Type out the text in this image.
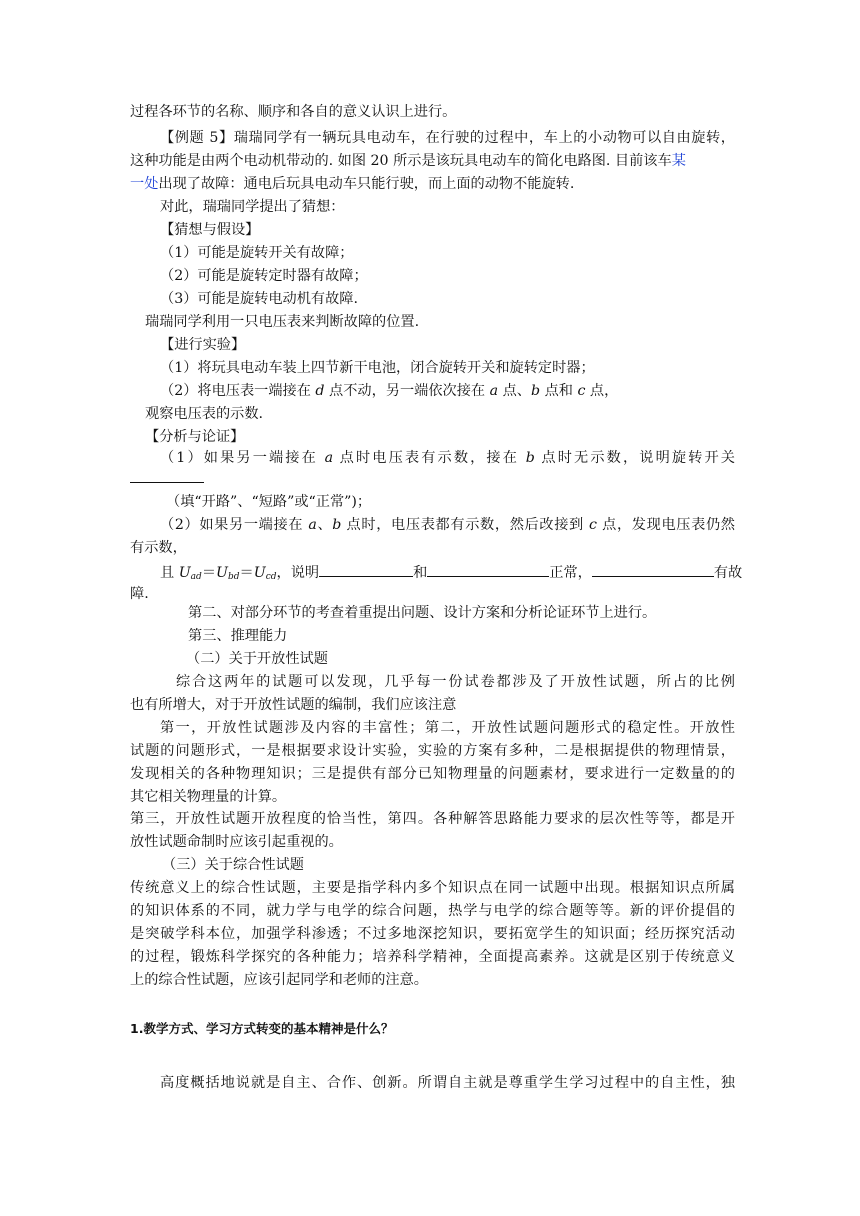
过程各环节的名称、顺序和各自的意义认识上进行。
【例题 5】瑞瑞同学有一辆玩具电动车，在行驶的过程中，车上的小动物可以自由旋转，
这种功能是由两个电动机带动的. 如图 20 所示是该玩具电动车的简化电路图. 目前该车某
一处出现了故障：通电后玩具电动车只能行驶，而上面的动物不能旋转.
对此，瑞瑞同学提出了猜想：
【猜想与假设】
（1）可能是旋转开关有故障；
（2）可能是旋转定时器有故障；
（3）可能是旋转电动机有故障.
瑞瑞同学利用一只电压表来判断故障的位置.
【进行实验】
（1）将玩具电动车装上四节新干电池，闭合旋转开关和旋转定时器；
（2）将电压表一端接在 d 点不动，另一端依次接在 a 点、b 点和 c 点，
观察电压表的示数.
【分析与论证】
（1）如果另一端接在 a 点时电压表有示数，接在 b 点时无示数，说明旋转开关
（填“开路”、“短路”或“正常”)；
（2）如果另一端接在 a、b 点时，电压表都有示数，然后改接到 c 点，发现电压表仍然
有示数，
且 $U_{ad}=U_{bd}=U_{cd}$，说明	和	正常，	有故
障.
第二、对部分环节的考查着重提出问题、设计方案和分析论证环节上进行。
第三、推理能力
（二）关于开放性试题
综合这两年的试题可以发现，几乎每一份试卷都涉及了开放性试题，所占的比例
也有所增大，对于开放性试题的编制，我们应该注意
第一，开放性试题涉及内容的丰富性；第二，开放性试题问题形式的稳定性。开放性
试题的问题形式，一是根据要求设计实验，实验的方案有多种，二是根据提供的物理情景，
发现相关的各种物理知识；三是提供有部分已知物理量的问题素材，要求进行一定数量的的
其它相关物理量的计算。
第三，开放性试题开放程度的恰当性，第四。各种解答思路能力要求的层次性等等，都是开
放性试题命制时应该引起重视的。
（三）关于综合性试题
传统意义上的综合性试题，主要是指学科内多个知识点在同一试题中出现。根据知识点所属
的知识体系的不同，就力学与电学的综合问题，热学与电学的综合题等等。新的评价提倡的
是突破学科本位，加强学科渗透；不过多地深挖知识，要拓宽学生的知识面；经历探究活动
的过程，锻炼科学探究的各种能力；培养科学精神，全面提高素养。这就是区别于传统意义
上的综合性试题，应该引起同学和老师的注意。
1.教学方式、学习方式转变的基本精神是什么？
高度概括地说就是自主、合作、创新。所谓自主就是尊重学生学习过程中的自主性，独
